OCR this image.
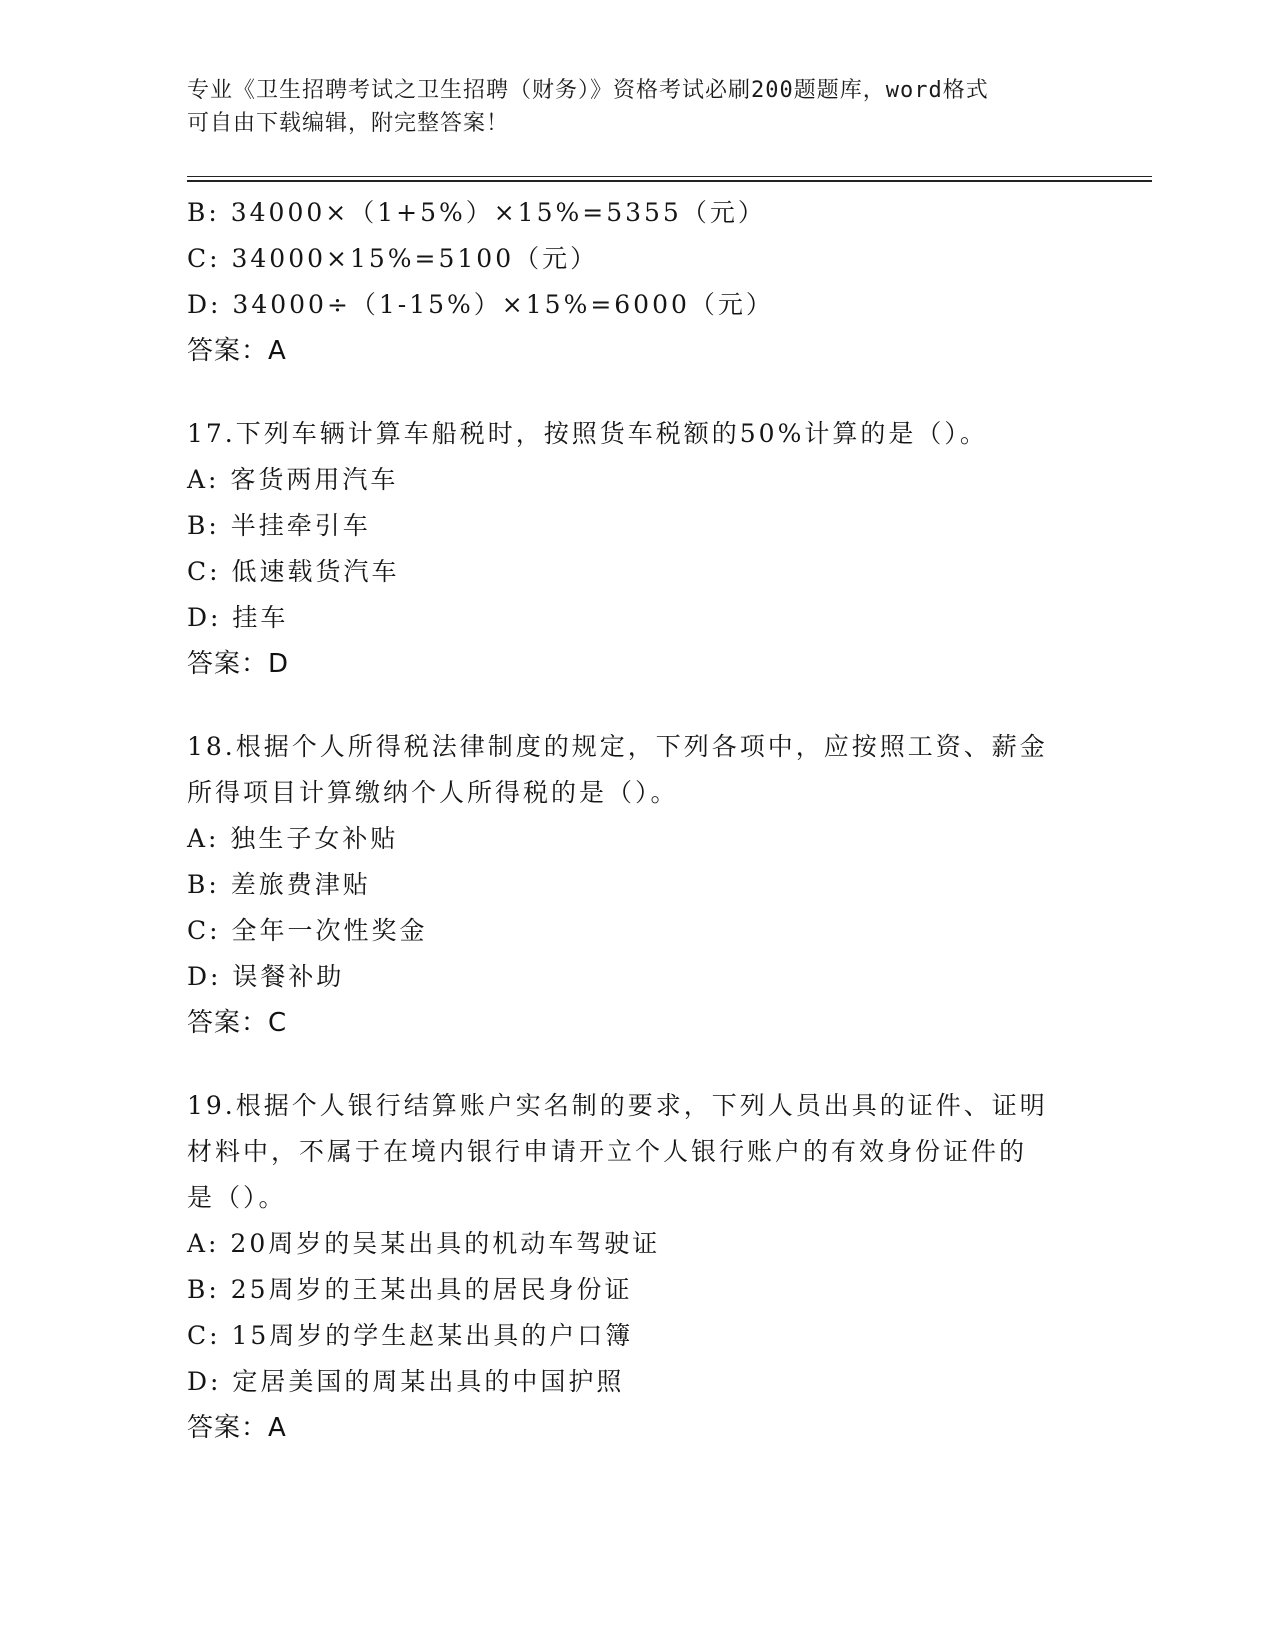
专业《卫生招聘考试之卫生招聘（财务）》资格考试必刷200题题库，word格式
可自由下载编辑，附完整答案！
B: 34000×（1+5%）×15%=5355（元）
C: 34000×15%=5100（元）
D: 34000÷（1-15%）×15%=6000（元）
答案：A
17.下列车辆计算车船税时，按照货车税额的50%计算的是（）。
A: 客货两用汽车
B: 半挂牵引车
C: 低速载货汽车
D: 挂车
答案：D
18.根据个人所得税法律制度的规定，下列各项中，应按照工资、薪金
所得项目计算缴纳个人所得税的是（）。
A: 独生子女补贴
B: 差旅费津贴
C: 全年一次性奖金
D: 误餐补助
答案：C
19.根据个人银行结算账户实名制的要求，下列人员出具的证件、证明
材料中，不属于在境内银行申请开立个人银行账户的有效身份证件的
是（）。
A: 20周岁的吴某出具的机动车驾驶证
B: 25周岁的王某出具的居民身份证
C: 15周岁的学生赵某出具的户口簿
D: 定居美国的周某出具的中国护照
答案：A
